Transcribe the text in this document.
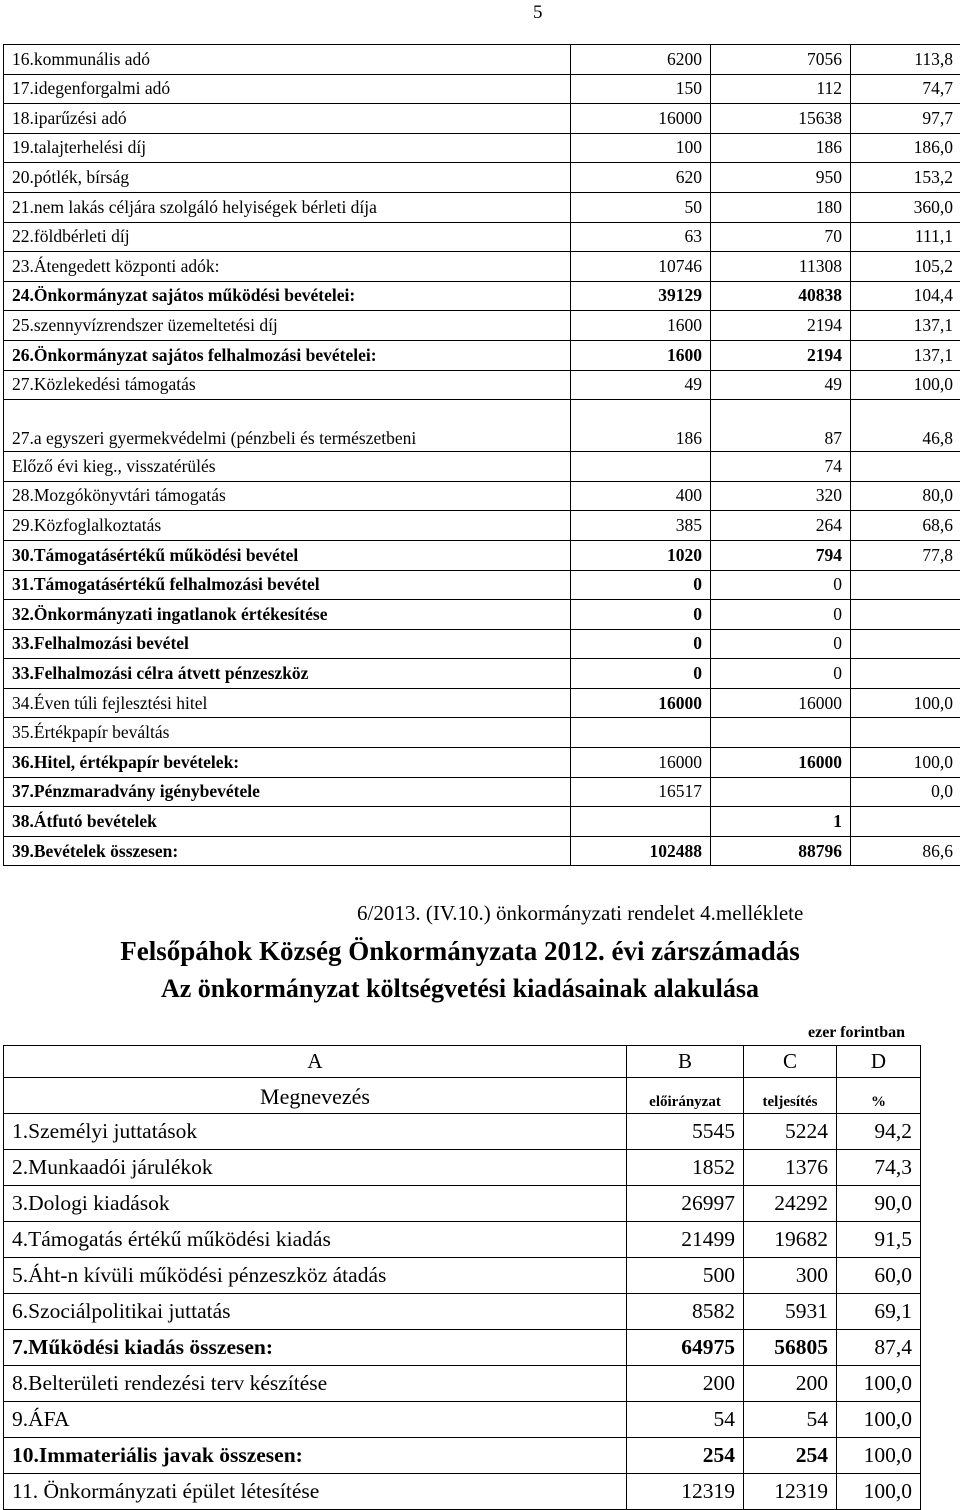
5
16.kommunális adó	6200	7056	113,8
17.idegenforgalmi adó	150	112	74,7
18.iparűzési adó	16000	15638	97,7
19.talajterhelési díj	100	186	186,0
20.pótlék, bírság	620	950	153,2
21.nem lakás céljára szolgáló helyiségek bérleti díja	50	180	360,0
22.földbérleti díj	63	70	111,1
23.Átengedett központi adók:	10746	11308	105,2
24.Önkormányzat sajátos működési bevételei:	39129	40838	104,4
25.szennyvízrendszer üzemeltetési díj	1600	2194	137,1
26.Önkormányzat sajátos felhalmozási bevételei:	1600	2194	137,1
27.Közlekedési támogatás	49	49	100,0
27.a egyszeri gyermekvédelmi (pénzbeli és természetbeni	186	87	46,8
Előző évi kieg., visszatérülés		74	
28.Mozgókönyvtári támogatás	400	320	80,0
29.Közfoglalkoztatás	385	264	68,6
30.Támogatásértékű működési bevétel	1020	794	77,8
31.Támogatásértékű felhalmozási bevétel	0	0	
32.Önkormányzati ingatlanok értékesítése	0	0	
33.Felhalmozási bevétel	0	0	
33.Felhalmozási célra átvett pénzeszköz	0	0	
34.Éven túli fejlesztési hitel	16000	16000	100,0
35.Értékpapír beváltás			
36.Hitel, értékpapír bevételek:	16000	16000	100,0
37.Pénzmaradvány igénybevétele	16517		0,0
38.Átfutó bevételek		1	
39.Bevételek összesen:	102488	88796	86,6
6/2013. (IV.10.) önkormányzati rendelet 4.melléklete
Felsőpáhok Község Önkormányzata 2012. évi zárszámadás
Az önkormányzat költségvetési kiadásainak alakulása
ezer forintban
A	B	C	D
Megnevezés	előirányzat	teljesítés	%
1.Személyi juttatások	5545	5224	94,2
2.Munkaadói járulékok	1852	1376	74,3
3.Dologi kiadások	26997	24292	90,0
4.Támogatás értékű működési kiadás	21499	19682	91,5
5.Áht-n kívüli működési pénzeszköz átadás	500	300	60,0
6.Szociálpolitikai juttatás	8582	5931	69,1
7.Működési kiadás összesen:	64975	56805	87,4
8.Belterületi rendezési terv készítése	200	200	100,0
9.ÁFA	54	54	100,0
10.Immateriális javak összesen:	254	254	100,0
11. Önkormányzati épület létesítése	12319	12319	100,0
